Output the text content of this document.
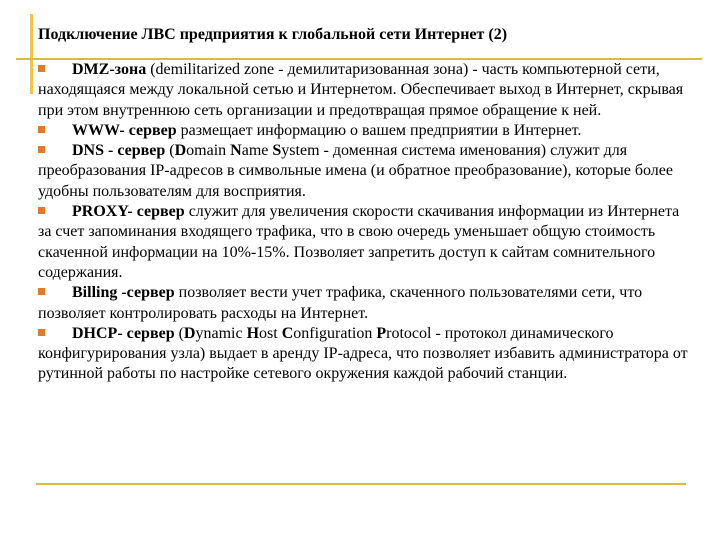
Подключение ЛВС предприятия к глобальной сети Интернет (2)

DMZ-зона (demilitarized zone - демилитаризованная зона) - часть компьютерной сети, находящаяся между локальной сетью и Интернетом. Обеспечивает выход в Интернет, скрывая при этом внутреннюю сеть организации и предотвращая прямое обращение к ней.

WWW- сервер размещает информацию о вашем предприятии в Интернет.

DNS - сервер (Domain Name System - доменная система именования) служит для преобразования IP-адресов в символьные имена (и обратное преобразование), которые более удобны пользователям для восприятия.

PROXY- сервер служит для увеличения скорости скачивания информации из Интернета за счет запоминания входящего трафика, что в свою очередь уменьшает общую стоимость скаченной информации на 10%-15%. Позволяет запретить доступ к сайтам сомнительного содержания.

Billing -сервер позволяет вести учет трафика, скаченного пользователями сети, что позволяет контролировать расходы на Интернет.

DHCP- сервер (Dynamic Host Configuration Protocol - протокол динамического конфигурирования узла) выдает в аренду IP-адреса, что позволяет избавить администратора от рутинной работы по настройке сетевого окружения каждой рабочий станции.
